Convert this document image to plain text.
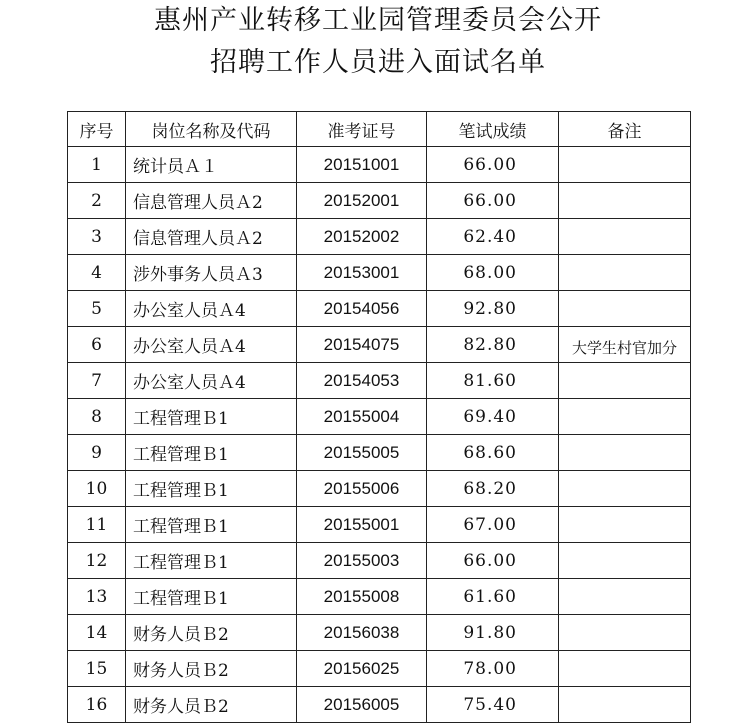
惠州产业转移工业园管理委员会公开
招聘工作人员进入面试名单
序号	岗位名称及代码	准考证号	笔试成绩	备注
1	统计员Ａ１	20151001	66.00	
2	信息管理人员Ａ2	20152001	66.00	
3	信息管理人员Ａ2	20152002	62.40	
4	涉外事务人员Ａ3	20153001	68.00	
5	办公室人员Ａ4	20154056	92.80	
6	办公室人员Ａ4	20154075	82.80	大学生村官加分
7	办公室人员Ａ4	20154053	81.60	
8	工程管理Ｂ1	20155004	69.40	
9	工程管理Ｂ1	20155005	68.60	
10	工程管理Ｂ1	20155006	68.20	
11	工程管理Ｂ1	20155001	67.00	
12	工程管理Ｂ1	20155003	66.00	
13	工程管理Ｂ1	20155008	61.60	
14	财务人员Ｂ2	20156038	91.80	
15	财务人员Ｂ2	20156025	78.00	
16	财务人员Ｂ2	20156005	75.40	
